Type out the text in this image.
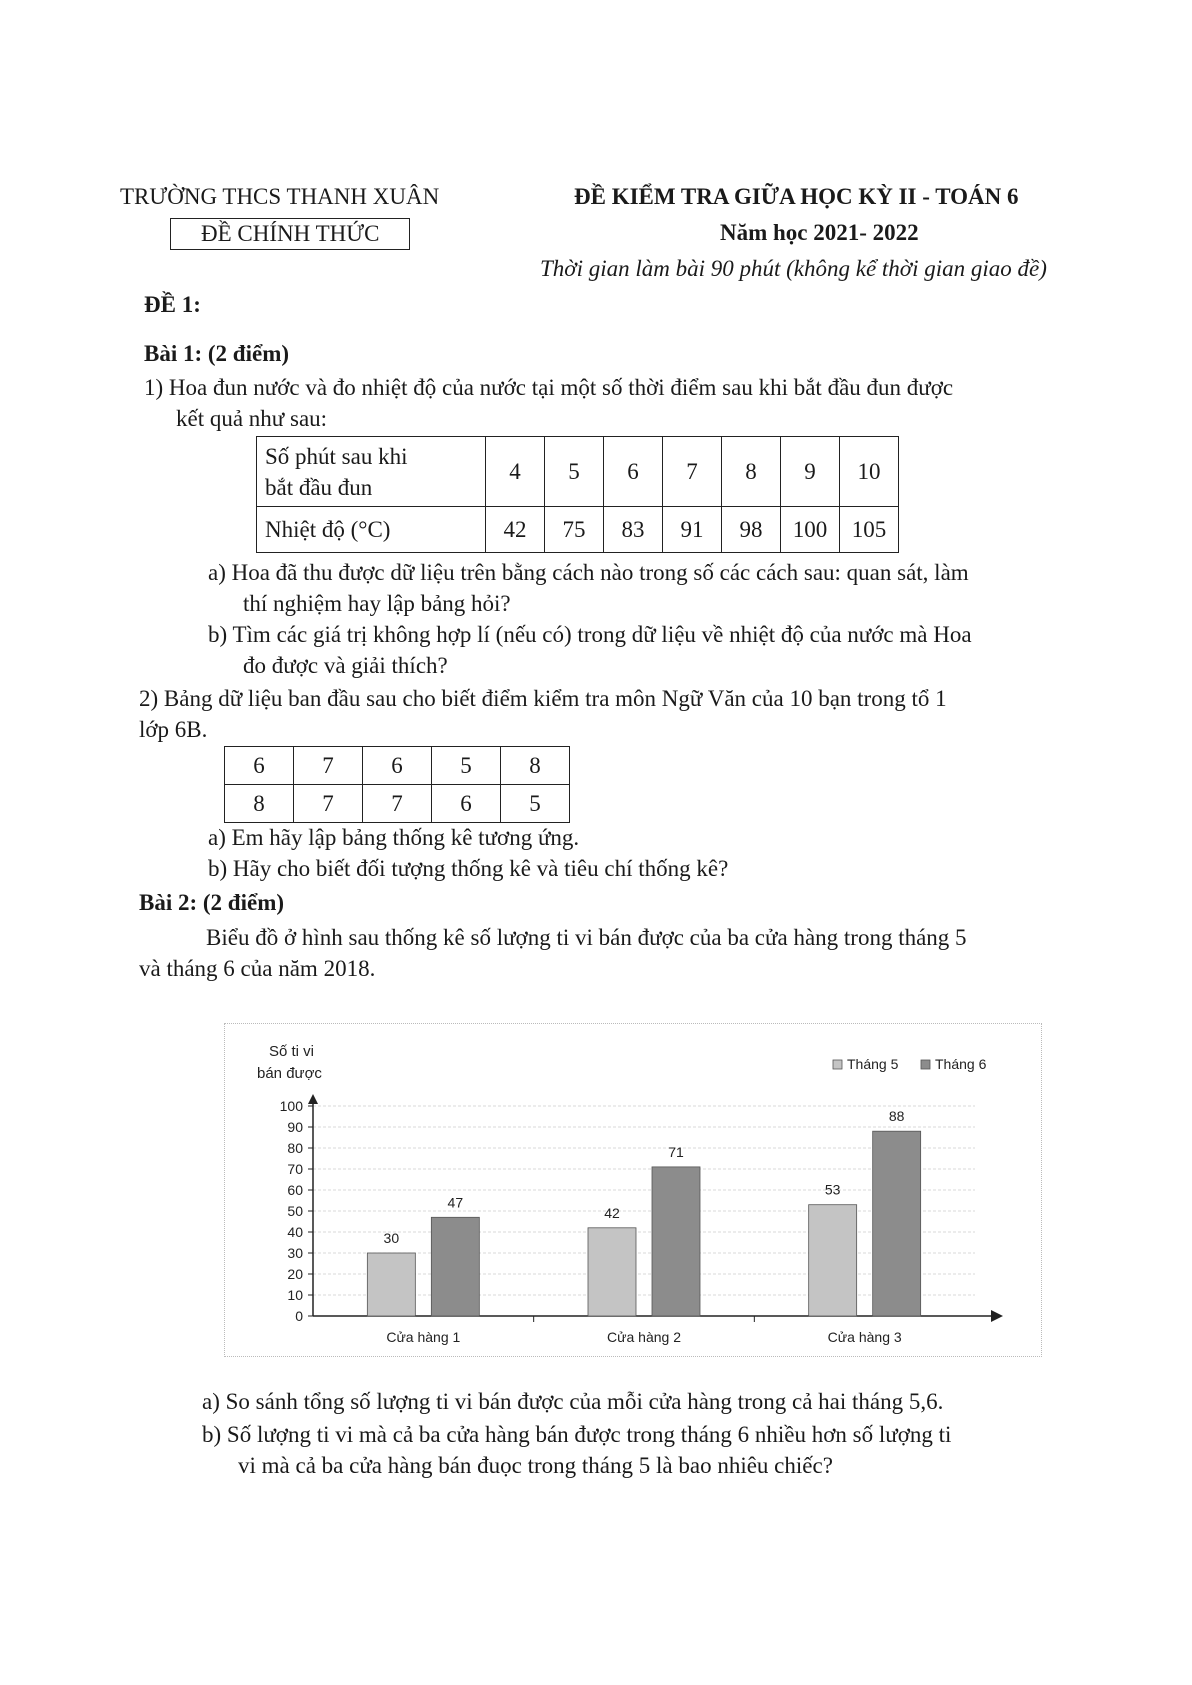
TRƯỜNG THCS THANH XUÂN
ĐỀ CHÍNH THỨC
ĐỀ KIỂM TRA GIỮA HỌC KỲ II - TOÁN 6
Năm học 2021- 2022
Thời gian làm bài 90 phút (không kể thời gian giao đề)
ĐỀ 1:
Bài 1: (2 điểm)
1) Hoa đun nước và đo nhiệt độ của nước tại một số thời điểm sau khi bắt đầu đun được
kết quả như sau:
Số phút sau khi
bắt đầu đun	4	5	6	7	8	9	10
Nhiệt độ (°C)	42	75	83	91	98	100	105
a) Hoa đã thu được dữ liệu trên bằng cách nào trong số các cách sau: quan sát, làm
thí nghiệm hay lập bảng hỏi?
b) Tìm các giá trị không hợp lí (nếu có) trong dữ liệu về nhiệt độ của nước mà Hoa
đo được và giải thích?
2) Bảng dữ liệu ban đầu sau cho biết điểm kiểm tra môn Ngữ Văn của 10 bạn trong tổ 1
lớp 6B.
6	7	6	5	8
8	7	7	6	5
a) Em hãy lập bảng thống kê tương ứng.
b) Hãy cho biết đối tượng thống kê và tiêu chí thống kê?
Bài 2: (2 điểm)
Biểu đồ ở hình sau thống kê số lượng ti vi bán được của ba cửa hàng trong tháng 5
và tháng 6 của năm 2018.
Số ti vi
bán được
0
10
20
30
40
50
60
70
80
90
100
30
47
Cửa hàng 1
42
71
Cửa hàng 2
53
88
Cửa hàng 3
Tháng 5	Tháng 6
a) So sánh tổng số lượng ti vi bán được của mỗi cửa hàng trong cả hai tháng 5,6.
b) Số lượng ti vi mà cả ba cửa hàng bán được trong tháng 6 nhiều hơn số lượng ti
vi mà cả ba cửa hàng bán đuọc trong tháng 5 là bao nhiêu chiếc?
